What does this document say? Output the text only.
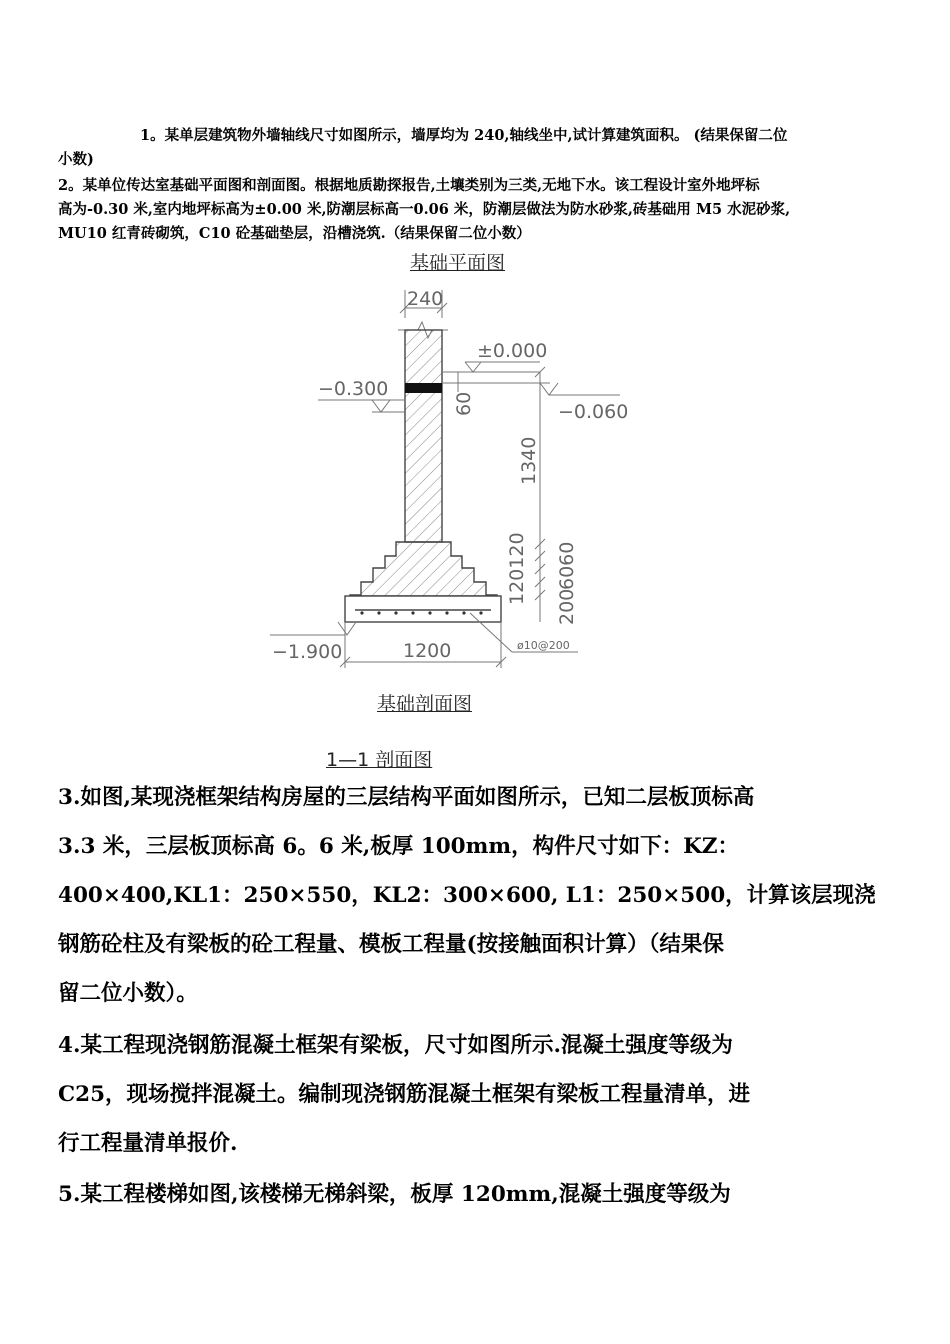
1。某单层建筑物外墙轴线尺寸如图所示，墙厚均为 240,轴线坐中,试计算建筑面积。 (结果保留二位
小数)
2。某单位传达室基础平面图和剖面图。根据地质勘探报告,土壤类别为三类,无地下水。该工程设计室外地坪标
高为-0.30 米,室内地坪标高为±0.00 米,防潮层标高一0.06 米，防潮层做法为防水砂浆,砖基础用 M5 水泥砂浆,
MU10 红青砖砌筑，C10 砼基础垫层，沿槽浇筑.（结果保留二位小数）
基础平面图
基础剖面图
1—1 剖面图
240
±0.000
−0.300
−0.060
60
1340
120120 6060
200
−1.900	1200	ø10@200
3.如图,某现浇框架结构房屋的三层结构平面如图所示，已知二层板顶标高
3.3 米，三层板顶标高 6。6 米,板厚 100mm，构件尺寸如下：KZ：
400×400,KL1：250×550，KL2：300×600, L1：250×500，计算该层现浇
钢筋砼柱及有梁板的砼工程量、模板工程量(按接触面积计算）（结果保
留二位小数）。
4.某工程现浇钢筋混凝土框架有梁板，尺寸如图所示.混凝土强度等级为
C25，现场搅拌混凝土。编制现浇钢筋混凝土框架有梁板工程量清单，进
行工程量清单报价.
5.某工程楼梯如图,该楼梯无梯斜梁，板厚 120mm,混凝土强度等级为
